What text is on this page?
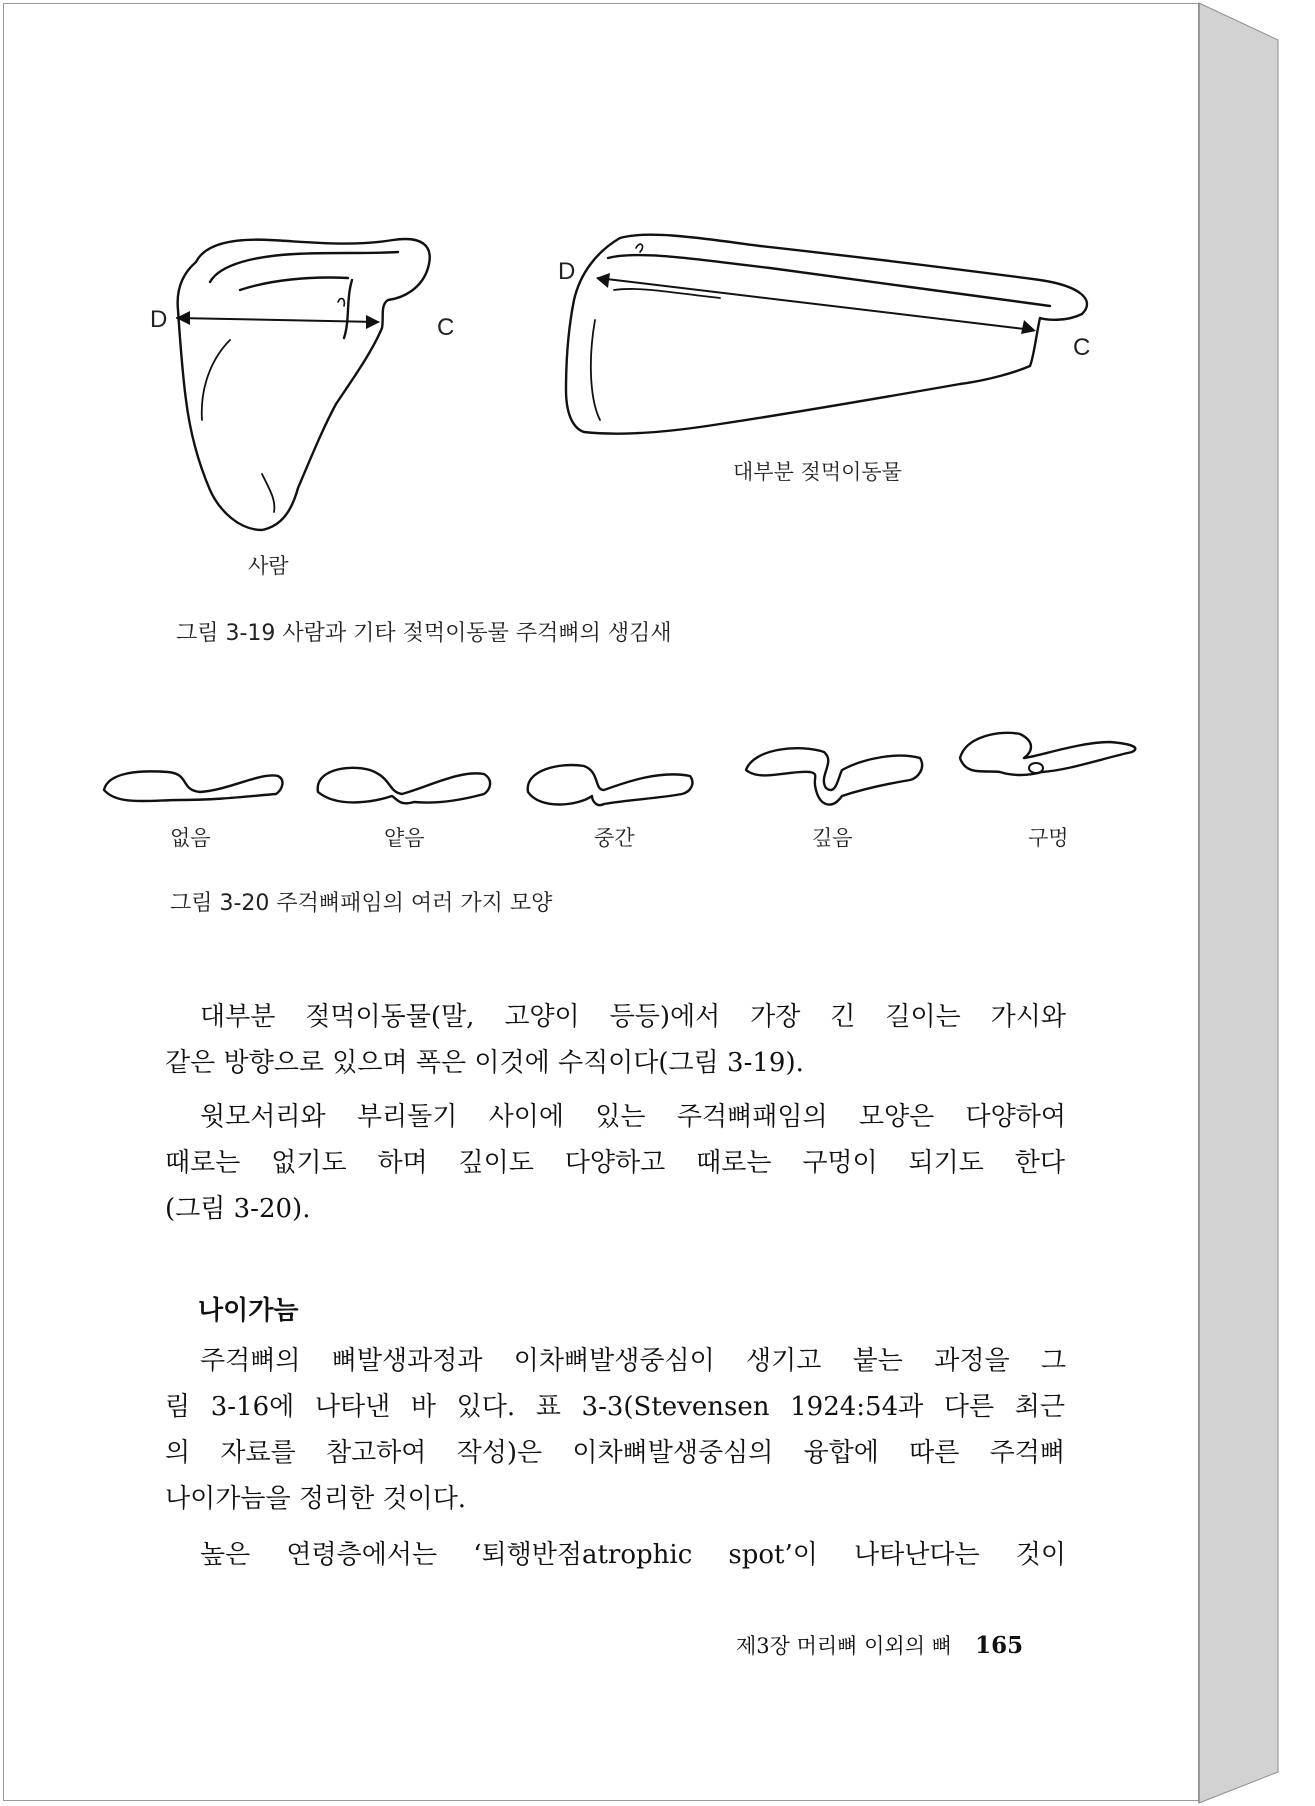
D	C
사람
D
C
대부분 젖먹이동물
그림 3-19 사람과 기타 젖먹이동물 주걱뼈의 생김새
없음	얕음	중간	깊음	구멍
그림 3-20 주걱뼈패임의 여러 가지 모양
대부분 젖먹이동물(말, 고양이 등등)에서 가장 긴 길이는 가시와
같은 방향으로 있으며 폭은 이것에 수직이다(그림 3-19).
윗모서리와 부리돌기 사이에 있는 주걱뼈패임의 모양은 다양하여
때로는 없기도 하며 깊이도 다양하고 때로는 구멍이 되기도 한다
(그림 3-20).
나이가늠
주걱뼈의 뼈발생과정과 이차뼈발생중심이 생기고 붙는 과정을 그
림 3-16에 나타낸 바 있다. 표 3-3(Stevensen 1924:54과 다른 최근
의 자료를 참고하여 작성)은 이차뼈발생중심의 융합에 따른 주걱뼈
나이가늠을 정리한 것이다.
높은 연령층에서는 ‘퇴행반점atrophic spot’이 나타난다는 것이
제3장 머리뼈 이외의 뼈 165
